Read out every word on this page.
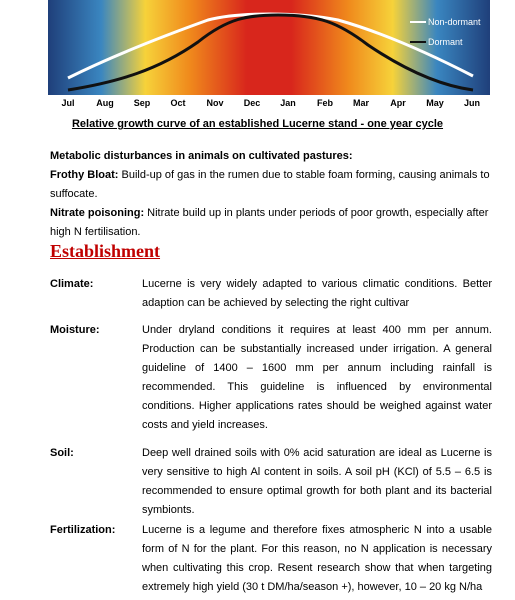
Non-dormant
Dormant
Jul Aug Sep Oct Nov Dec Jan Feb Mar Apr May Jun
Relative growth curve of an established Lucerne stand - one year cycle
Metabolic disturbances in animals on cultivated pastures:
Frothy Bloat: Build-up of gas in the rumen due to stable foam forming, causing animals to suffocate.
Nitrate poisoning: Nitrate build up in plants under periods of poor growth, especially after high N fertilisation.
Establishment
Climate:	Lucerne is very widely adapted to various climatic conditions. Better adaption can be achieved by selecting the right cultivar
Moisture:	Under dryland conditions it requires at least 400 mm per annum. Production can be substantially increased under irrigation. A general guideline of 1400 – 1600 mm per annum including rainfall is recommended. This guideline is influenced by environmental conditions. Higher applications rates should be weighed against water costs and yield increases.
Soil:	Deep well drained soils with 0% acid saturation are ideal as Lucerne is very sensitive to high Al content in soils. A soil pH (KCl) of 5.5 – 6.5 is recommended to ensure optimal growth for both plant and its bacterial symbionts.
Fertilization: Lucerne is a legume and therefore fixes atmospheric N into a usable form of N for the plant. For this reason, no N application is necessary when cultivating this crop. Resent research show that when targeting extremely high yield (30 t DM/ha/season +), however, 10 – 20 kg N/ha
